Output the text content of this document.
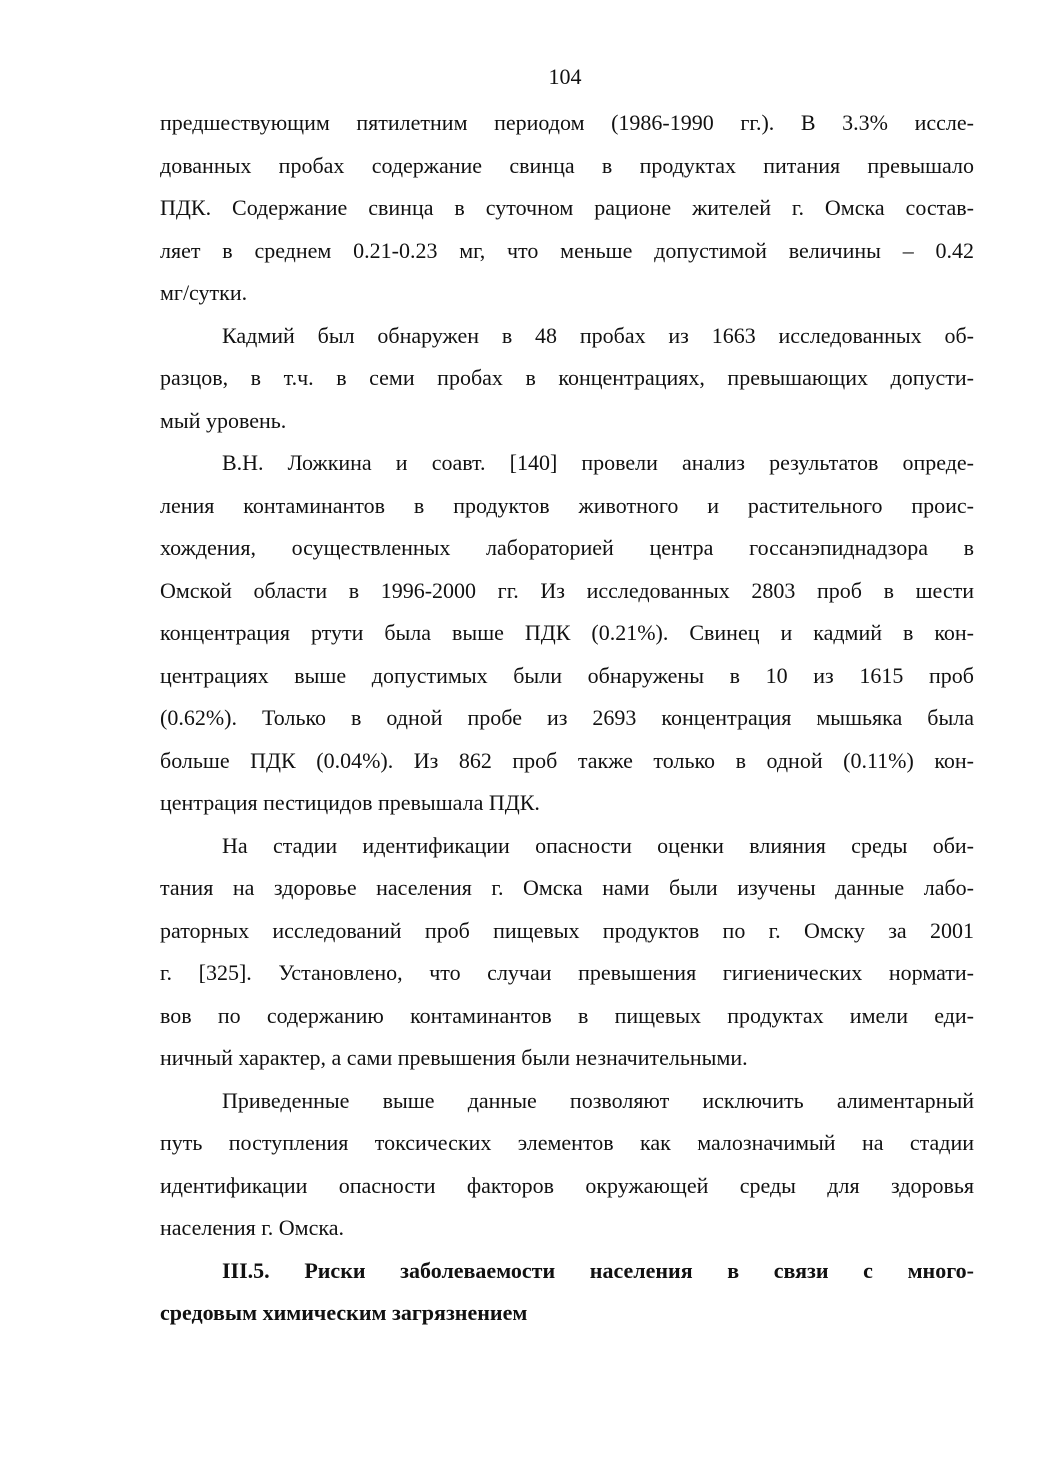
104
предшествующим пятилетним периодом (1986-1990 гг.). В 3.3% иссле-
дованных пробах содержание свинца в продуктах питания превышало
ПДК. Содержание свинца в суточном рационе жителей г. Омска состав-
ляет в среднем 0.21-0.23 мг, что меньше допустимой величины – 0.42
мг/сутки.
Кадмий был обнаружен в 48 пробах из 1663 исследованных об-
разцов, в т.ч. в семи пробах в концентрациях, превышающих допусти-
мый уровень.
В.Н. Ложкина и соавт. [140] провели анализ результатов опреде-
ления контаминантов в продуктов животного и растительного проис-
хождения, осуществленных лабораторией центра госсанэпиднадзора в
Омской области в 1996-2000 гг. Из исследованных 2803 проб в шести
концентрация ртути была выше ПДК (0.21%). Свинец и кадмий в кон-
центрациях выше допустимых были обнаружены в 10 из 1615 проб
(0.62%). Только в одной пробе из 2693 концентрация мышьяка была
больше ПДК (0.04%). Из 862 проб также только в одной (0.11%) кон-
центрация пестицидов превышала ПДК.
На стадии идентификации опасности оценки влияния среды оби-
тания на здоровье населения г. Омска нами были изучены данные лабо-
раторных исследований проб пищевых продуктов по г. Омску за 2001
г. [325]. Установлено, что случаи превышения гигиенических нормати-
вов по содержанию контаминантов в пищевых продуктах имели еди-
ничный характер, а сами превышения были незначительными.
Приведенные выше данные позволяют исключить алиментарный
путь поступления токсических элементов как малозначимый на стадии
идентификации опасности факторов окружающей среды для здоровья
населения г. Омска.
III.5. Риски заболеваемости населения в связи с много-
средовым химическим загрязнением
